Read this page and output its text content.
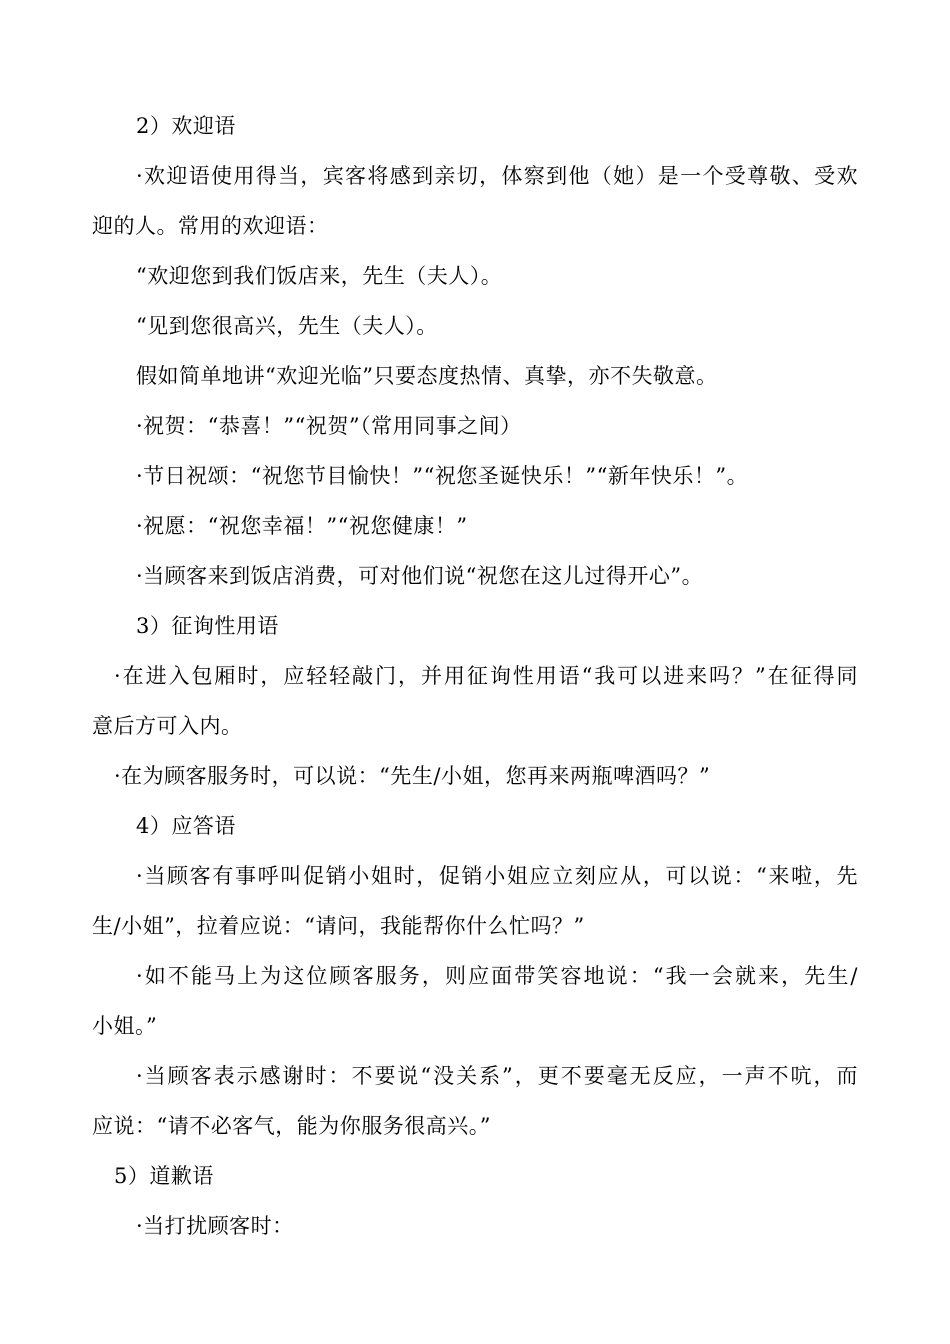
2）欢迎语
·欢迎语使用得当，宾客将感到亲切，体察到他（她）是一个受尊敬、受欢
迎的人。常用的欢迎语：
“欢迎您到我们饭店来，先生（夫人）。
“见到您很高兴，先生（夫人）。
假如简单地讲“欢迎光临”只要态度热情、真挚，亦不失敬意。
·祝贺：“恭喜！”“祝贺”（常用同事之间）
·节日祝颂：“祝您节目愉快！”“祝您圣诞快乐！”“新年快乐！”。
·祝愿：“祝您幸福！”“祝您健康！”
·当顾客来到饭店消费，可对他们说“祝您在这儿过得开心”。
3）征询性用语
·在进入包厢时，应轻轻敲门，并用征询性用语“我可以进来吗？”在征得同
意后方可入内。
·在为顾客服务时，可以说：“先生/小姐，您再来两瓶啤酒吗？”
4）应答语
·当顾客有事呼叫促销小姐时，促销小姐应立刻应从，可以说：“来啦，先
生/小姐”，拉着应说：“请问，我能帮你什么忙吗？”
·如不能马上为这位顾客服务，则应面带笑容地说：“我一会就来，先生/
小姐。”
·当顾客表示感谢时：不要说“没关系”，更不要毫无反应，一声不吭，而
应说：“请不必客气，能为你服务很高兴。”
5）道歉语
·当打扰顾客时：
